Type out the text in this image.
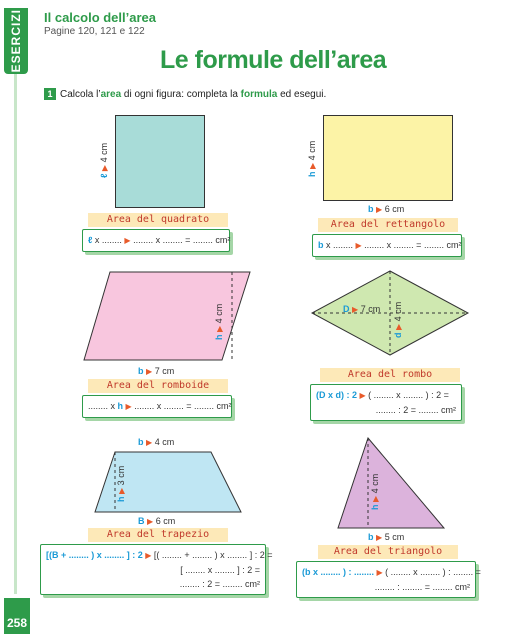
ESERCIZI
258
Il calcolo dell’area
Pagine 120, 121 e 122
Le formule dell’area
1 Calcola l’area di ogni figura: completa la formula ed esegui.
ℓ ▶ 4 cm
Area del quadrato
ℓ x ........ ▶ ........ x ........ = ........ cm²
h ▶ 4 cm
b ▶ 6 cm
Area del rettangolo
b x ........ ▶ ........ x ........ = ........ cm²
h ▶ 4 cm
b ▶ 7 cm
Area del romboide
........ x h ▶ ........ x ........ = ........ cm²
D ▶ 7 cm
d ▶ 4 cm
Area del rombo
(D x d) : 2 ▶ ( ........ x ........ ) : 2 =
........ : 2 = ........ cm²
b ▶ 4 cm
h ▶ 3 cm
B ▶ 6 cm
Area del trapezio
[(B + ........ ) x ........ ] : 2 ▶ [( ........ + ........ ) x ........ ] : 2 =
[ ........ x ........ ] : 2 =
........ : 2 = ........ cm²
h ▶ 4 cm
b ▶ 5 cm
Area del triangolo
(b x ........ ) : ........ ▶ ( ........ x ........ ) : ........ =
........ : ........ = ........ cm²
